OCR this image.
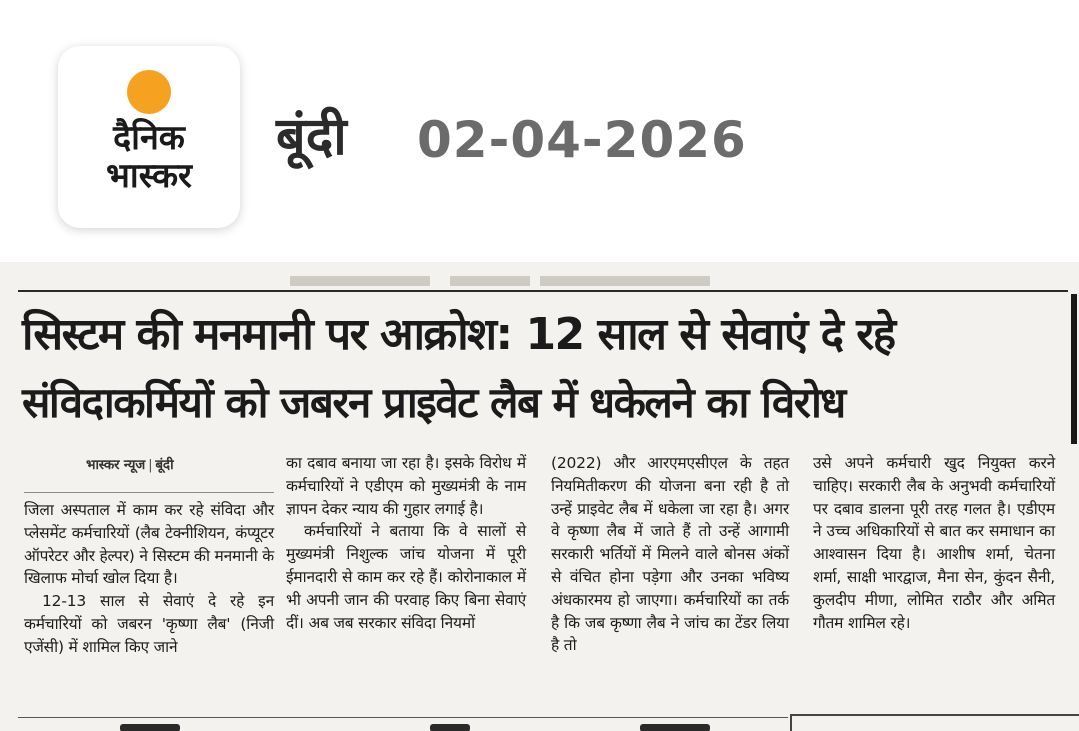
दैनिक
भास्कर
बूंदी 02-04-2026
सिस्टम की मनमानी पर आक्रोश: 12 साल से सेवाएं दे रहे
संविदाकर्मियों को जबरन प्राइवेट लैब में धकेलने का विरोध
भास्कर न्यूज | बूंदी

जिला अस्पताल में काम कर रहे संविदा और प्लेसमेंट कर्मचारियों (लैब टेक्नीशियन, कंप्यूटर ऑपरेटर और हेल्पर) ने सिस्टम की मनमानी के खिलाफ मोर्चा खोल दिया है।

12-13 साल से सेवाएं दे रहे इन कर्मचारियों को जबरन 'कृष्णा लैब' (निजी एजेंसी) में शामिल किए जाने

का दबाव बनाया जा रहा है। इसके विरोध में कर्मचारियों ने एडीएम को मुख्यमंत्री के नाम ज्ञापन देकर न्याय की गुहार लगाई है।

कर्मचारियों ने बताया कि वे सालों से मुख्यमंत्री निशुल्क जांच योजना में पूरी ईमानदारी से काम कर रहे हैं। कोरोनाकाल में भी अपनी जान की परवाह किए बिना सेवाएं दीं। अब जब सरकार संविदा नियमों

(2022) और आरएमएसीएल के तहत नियमितीकरण की योजना बना रही है तो उन्हें प्राइवेट लैब में धकेला जा रहा है। अगर वे कृष्णा लैब में जाते हैं तो उन्हें आगामी सरकारी भर्तियों में मिलने वाले बोनस अंकों से वंचित होना पड़ेगा और उनका भविष्य अंधकारमय हो जाएगा। कर्मचारियों का तर्क है कि जब कृष्णा लैब ने जांच का टेंडर लिया है तो

उसे अपने कर्मचारी खुद नियुक्त करने चाहिए। सरकारी लैब के अनुभवी कर्मचारियों पर दबाव डालना पूरी तरह गलत है। एडीएम ने उच्च अधिकारियों से बात कर समाधान का आश्वासन दिया है। आशीष शर्मा, चेतना शर्मा, साक्षी भारद्वाज, मैना सेन, कुंदन सैनी, कुलदीप मीणा, लोमित राठौर और अमित गौतम शामिल रहे।
